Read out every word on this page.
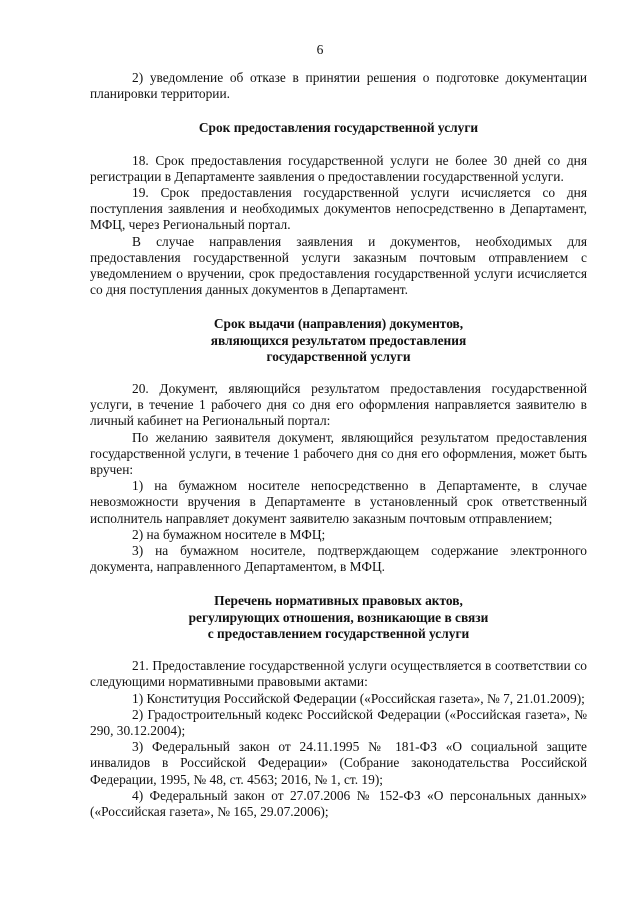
6

2) уведомление об отказе в принятии решения о подготовке документации планировки территории.

Срок предоставления государственной услуги

18. Срок предоставления государственной услуги не более 30 дней со дня регистрации в Департаменте заявления о предоставлении государственной услуги.

19. Срок предоставления государственной услуги исчисляется со дня поступления заявления и необходимых документов непосредственно в Департамент, МФЦ, через Региональный портал.

В случае направления заявления и документов, необходимых для предоставления государственной услуги заказным почтовым отправлением с уведомлением о вручении, срок предоставления государственной услуги исчисляется со дня поступления данных документов в Департамент.

Срок выдачи (направления) документов,

являющихся результатом предоставления

государственной услуги

20. Документ, являющийся результатом предоставления государственной услуги, в течение 1 рабочего дня со дня его оформления направляется заявителю в личный кабинет на Региональный портал:

По желанию заявителя документ, являющийся результатом предоставления государственной услуги, в течение 1 рабочего дня со дня его оформления, может быть вручен:

1) на бумажном носителе непосредственно в Департаменте, в случае невозможности вручения в Департаменте в установленный срок ответственный исполнитель направляет документ заявителю заказным почтовым отправлением;

2) на бумажном носителе в МФЦ;

3) на бумажном носителе, подтверждающем содержание электронного документа, направленного Департаментом, в МФЦ.

Перечень нормативных правовых актов,

регулирующих отношения, возникающие в связи

с предоставлением государственной услуги

21. Предоставление государственной услуги осуществляется в соответствии со следующими нормативными правовыми актами:

1) Конституция Российской Федерации («Российская газета», № 7, 21.01.2009);

2) Градостроительный кодекс Российской Федерации («Российская газета», № 290, 30.12.2004);

3) Федеральный закон от 24.11.1995 № 181-ФЗ «О социальной защите инвалидов в Российской Федерации» (Собрание законодательства Российской Федерации, 1995, № 48, ст. 4563; 2016, № 1, ст. 19);

4) Федеральный закон от 27.07.2006 № 152-ФЗ «О персональных данных» («Российская газета», № 165, 29.07.2006);
